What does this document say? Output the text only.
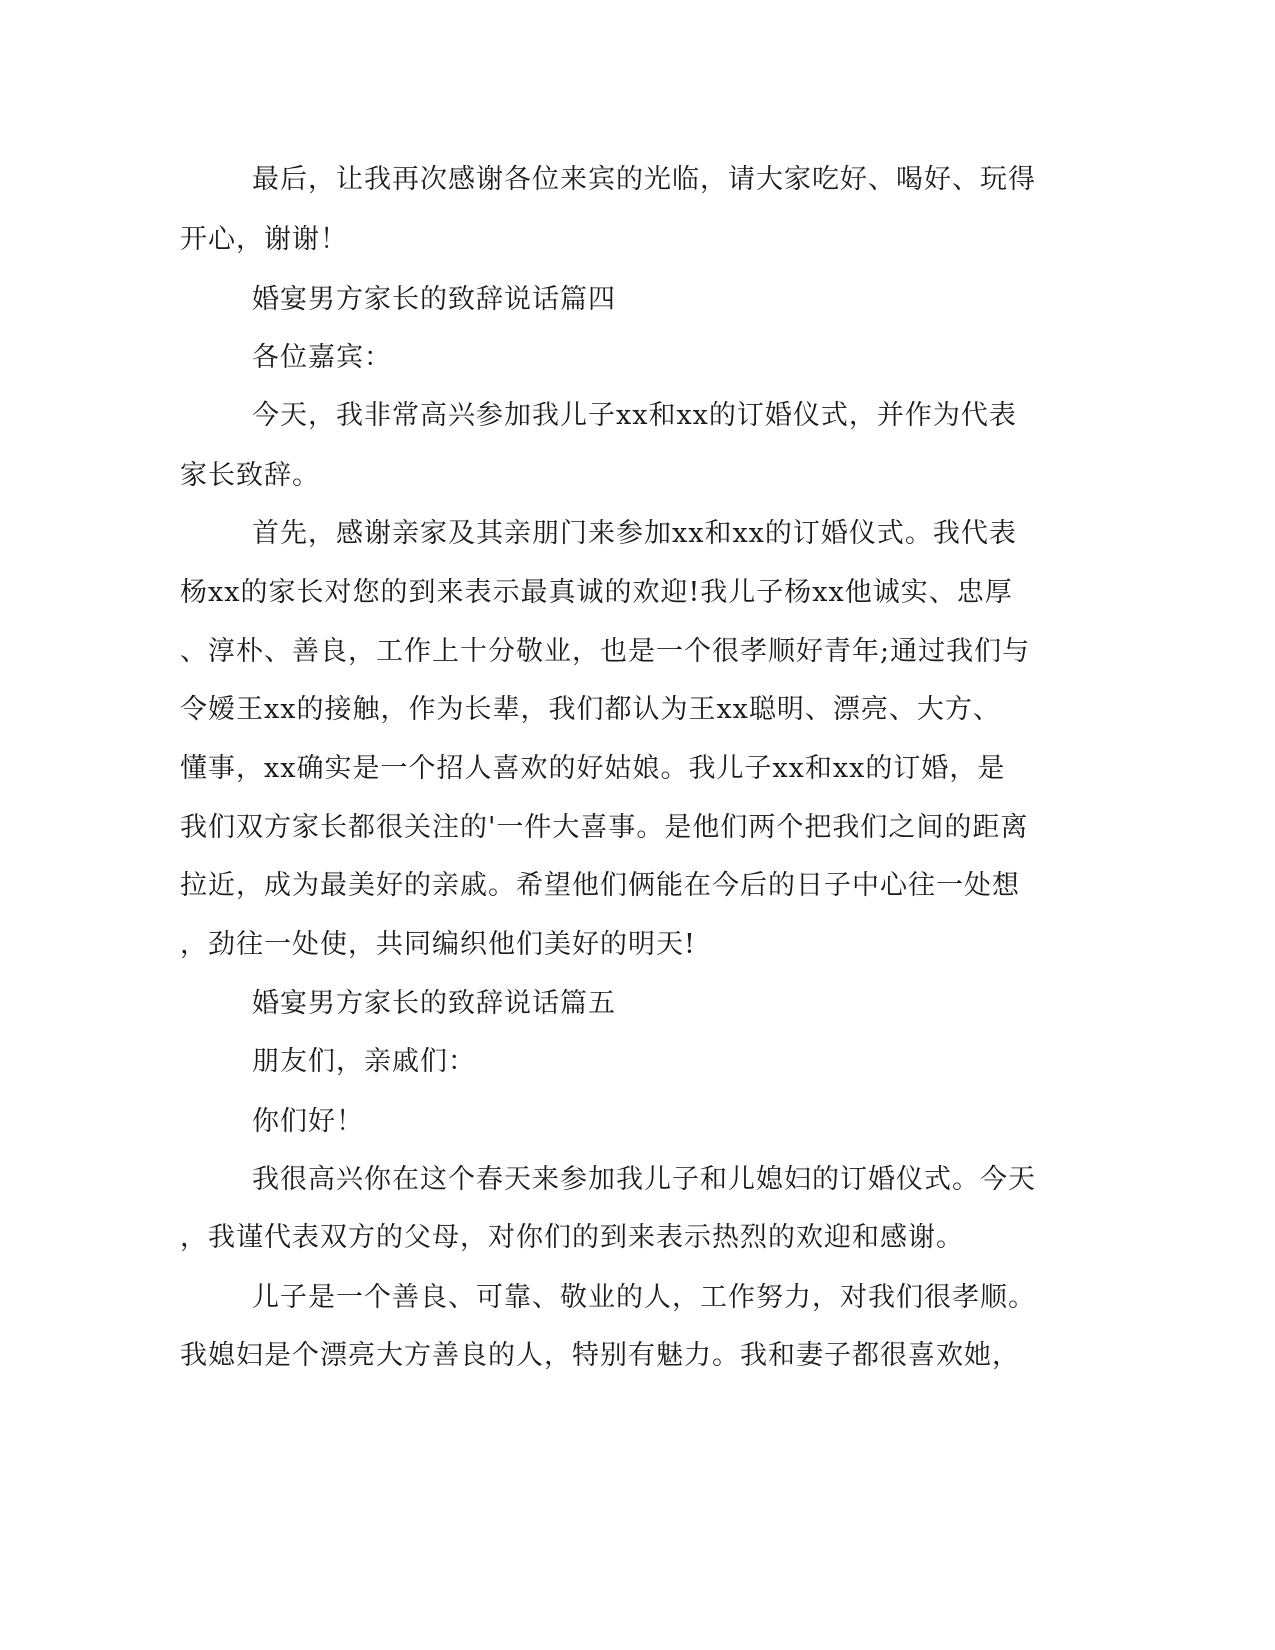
最后，让我再次感谢各位来宾的光临，请大家吃好、喝好、玩得
开心，谢谢！
婚宴男方家长的致辞说话篇四
各位嘉宾：
今天，我非常高兴参加我儿子xx和xx的订婚仪式，并作为代表
家长致辞。
首先，感谢亲家及其亲朋门来参加xx和xx的订婚仪式。我代表
杨xx的家长对您的到来表示最真诚的欢迎!我儿子杨xx他诚实、忠厚
、淳朴、善良，工作上十分敬业，也是一个很孝顺好青年;通过我们与
令嫒王xx的接触，作为长辈，我们都认为王xx聪明、漂亮、大方、
懂事，xx确实是一个招人喜欢的好姑娘。我儿子xx和xx的订婚，是
我们双方家长都很关注的'一件大喜事。是他们两个把我们之间的距离
拉近，成为最美好的亲戚。希望他们俩能在今后的日子中心往一处想
，劲往一处使，共同编织他们美好的明天!
婚宴男方家长的致辞说话篇五
朋友们，亲戚们：
你们好！
我很高兴你在这个春天来参加我儿子和儿媳妇的订婚仪式。今天
，我谨代表双方的父母，对你们的到来表示热烈的欢迎和感谢。
儿子是一个善良、可靠、敬业的人，工作努力，对我们很孝顺。
我媳妇是个漂亮大方善良的人，特别有魅力。我和妻子都很喜欢她，
